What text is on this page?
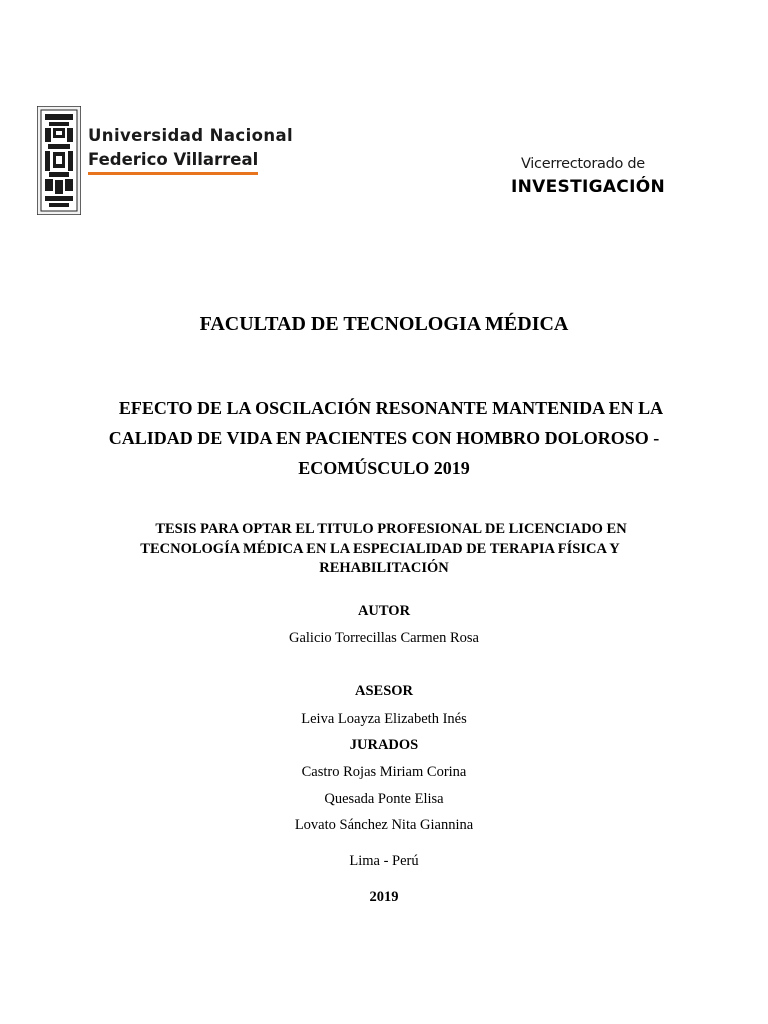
Universidad Nacional
Federico Villarreal	Vicerrectorado de
INVESTIGACIÓN
FACULTAD DE TECNOLOGIA MÉDICA
EFECTO DE LA OSCILACIÓN RESONANTE MANTENIDA EN LA
CALIDAD DE VIDA EN PACIENTES CON HOMBRO DOLOROSO -
ECOMÚSCULO 2019
TESIS PARA OPTAR EL TITULO PROFESIONAL DE LICENCIADO EN
TECNOLOGÍA MÉDICA EN LA ESPECIALIDAD DE TERAPIA FÍSICA Y
REHABILITACIÓN
AUTOR
Galicio Torrecillas Carmen Rosa
ASESOR
Leiva Loayza Elizabeth Inés
JURADOS
Castro Rojas Miriam Corina
Quesada Ponte Elisa
Lovato Sánchez Nita Giannina
Lima - Perú
2019
